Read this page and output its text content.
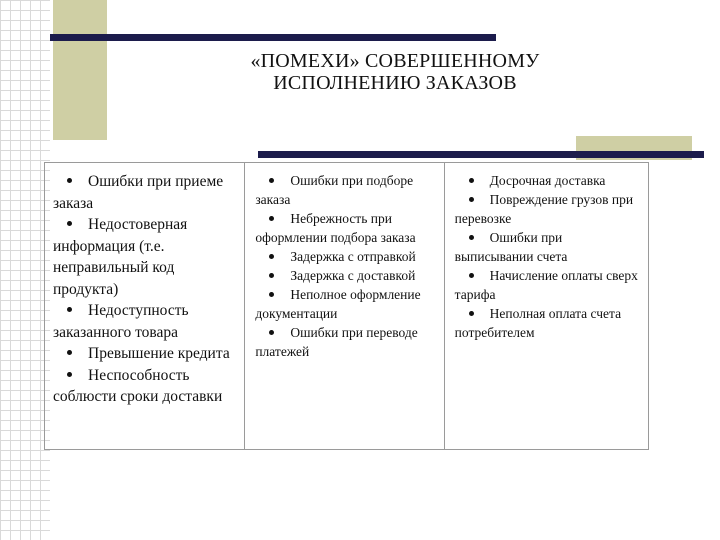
«ПОМЕХИ» СОВЕРШЕННОМУ
ИСПОЛНЕНИЮ ЗАКАЗОВ
Ошибки при приеме заказа
Недостоверная информация (т.е. неправильный код продукта)
Недоступность заказанного товара
Превышение кредита
Неспособность соблюсти сроки доставки
Ошибки при подборе заказа
Небрежность при оформлении подбора заказа
Задержка с отправкой
Задержка с доставкой
Неполное оформление документации
Ошибки при переводе платежей
Досрочная доставка
Повреждение грузов при перевозке
Ошибки при выписывании счета
Начисление оплаты сверх тарифа
Неполная оплата счета потребителем
